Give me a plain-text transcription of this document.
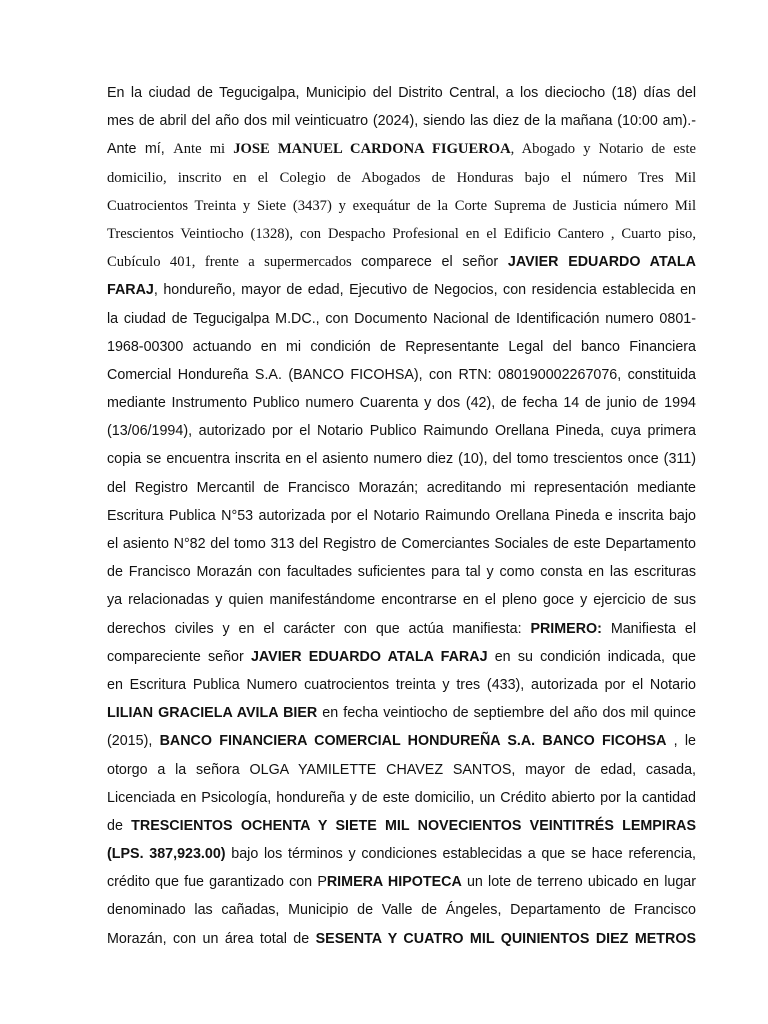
En la ciudad de Tegucigalpa, Municipio del Distrito Central, a los dieciocho (18) días del
mes de abril del año dos mil veinticuatro (2024), siendo las diez de la mañana (10:00 am).-
Ante mí, Ante mi JOSE MANUEL CARDONA FIGUEROA, Abogado y Notario de este
domicilio, inscrito en el Colegio de Abogados de Honduras bajo el número Tres Mil
Cuatrocientos Treinta y Siete (3437) y exequátur de la Corte Suprema de Justicia número Mil
Trescientos Veintiocho (1328), con Despacho Profesional en el Edificio Cantero , Cuarto piso,
Cubículo 401, frente a supermercados comparece el señor JAVIER EDUARDO ATALA
FARAJ, hondureño, mayor de edad, Ejecutivo de Negocios, con residencia establecida en
la ciudad de Tegucigalpa M.DC., con Documento Nacional de Identificación numero 0801-
1968-00300 actuando en mi condición de Representante Legal del banco Financiera
Comercial Hondureña S.A. (BANCO FICOHSA), con RTN: 080190002267076, constituida
mediante Instrumento Publico numero Cuarenta y dos (42), de fecha 14 de junio de 1994
(13/06/1994), autorizado por el Notario Publico Raimundo Orellana Pineda, cuya primera
copia se encuentra inscrita en el asiento numero diez (10), del tomo trescientos once (311)
del Registro Mercantil de Francisco Morazán; acreditando mi representación mediante
Escritura Publica N°53 autorizada por el Notario Raimundo Orellana Pineda e inscrita bajo
el asiento N°82 del tomo 313 del Registro de Comerciantes Sociales de este Departamento
de Francisco Morazán con facultades suficientes para tal y como consta en las escrituras
ya relacionadas y quien manifestándome encontrarse en el pleno goce y ejercicio de sus
derechos civiles y en el carácter con que actúa manifiesta: PRIMERO: Manifiesta el
compareciente señor JAVIER EDUARDO ATALA FARAJ en su condición indicada, que
en Escritura Publica Numero cuatrocientos treinta y tres (433), autorizada por el Notario
LILIAN GRACIELA AVILA BIER en fecha veintiocho de septiembre del año dos mil quince
(2015), BANCO FINANCIERA COMERCIAL HONDUREÑA S.A. BANCO FICOHSA , le
otorgo a la señora OLGA YAMILETTE CHAVEZ SANTOS, mayor de edad, casada,
Licenciada en Psicología, hondureña y de este domicilio, un Crédito abierto por la cantidad
de TRESCIENTOS OCHENTA Y SIETE MIL NOVECIENTOS VEINTITRÉS LEMPIRAS
(LPS. 387,923.00) bajo los términos y condiciones establecidas a que se hace referencia,
crédito que fue garantizado con PRIMERA HIPOTECA un lote de terreno ubicado en lugar
denominado las cañadas, Municipio de Valle de Ángeles, Departamento de Francisco
Morazán, con un área total de SESENTA Y CUATRO MIL QUINIENTOS DIEZ METROS
